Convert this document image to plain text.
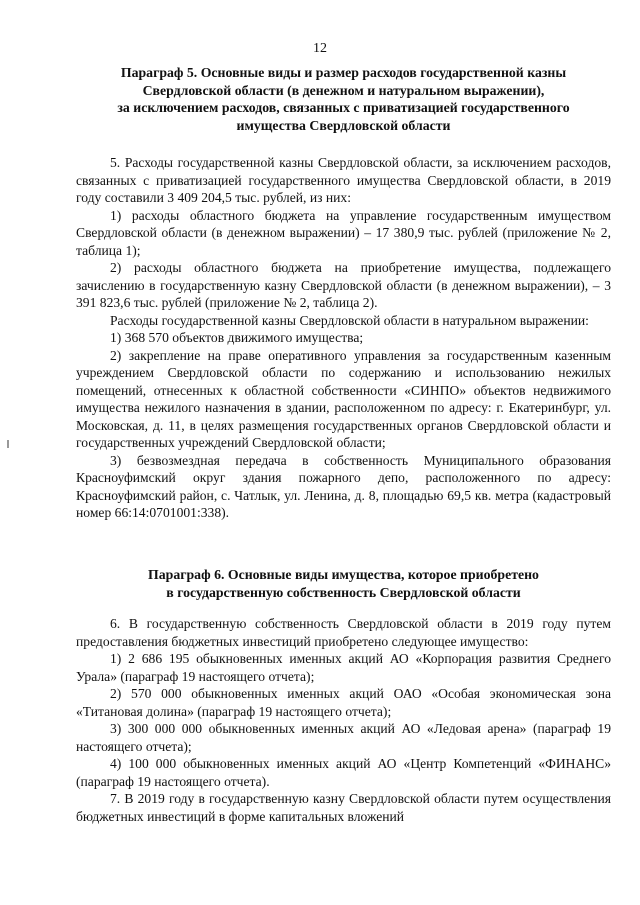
12
Параграф 5. Основные виды и размер расходов государственной казны
Свердловской области (в денежном и натуральном выражении),
за исключением расходов, связанных с приватизацией государственного
имущества Свердловской области

5. Расходы государственной казны Свердловской области, за исключением расходов, связанных с приватизацией государственного имущества Свердловской области, в 2019 году составили 3 409 204,5 тыс. рублей, из них:

1) расходы областного бюджета на управление государственным имуществом Свердловской области (в денежном выражении) – 17 380,9 тыс. рублей (приложение № 2, таблица 1);

2) расходы областного бюджета на приобретение имущества, подлежащего зачислению в государственную казну Свердловской области (в денежном выражении), – 3 391 823,6 тыс. рублей (приложение № 2, таблица 2).

Расходы государственной казны Свердловской области в натуральном выражении:

1) 368 570 объектов движимого имущества;

2) закрепление на праве оперативного управления за государственным казенным учреждением Свердловской области по содержанию и использованию нежилых помещений, отнесенных к областной собственности «СИНПО» объектов недвижимого имущества нежилого назначения в здании, расположенном по адресу: г. Екатеринбург, ул. Московская, д. 11, в целях размещения государственных органов Свердловской области и государственных учреждений Свердловской области;

3) безвозмездная передача в собственность Муниципального образования Красноуфимский округ здания пожарного депо, расположенного по адресу: Красноуфимский район, с. Чатлык, ул. Ленина, д. 8, площадью 69,5 кв. метра (кадастровый номер 66:14:0701001:338).

Параграф 6. Основные виды имущества, которое приобретено
в государственную собственность Свердловской области

6. В государственную собственность Свердловской области в 2019 году путем предоставления бюджетных инвестиций приобретено следующее имущество:

1) 2 686 195 обыкновенных именных акций АО «Корпорация развития Среднего Урала» (параграф 19 настоящего отчета);

2) 570 000 обыкновенных именных акций ОАО «Особая экономическая зона «Титановая долина» (параграф 19 настоящего отчета);

3) 300 000 000 обыкновенных именных акций АО «Ледовая арена» (параграф 19 настоящего отчета);

4) 100 000 обыкновенных именных акций АО «Центр Компетенций «ФИНАНС» (параграф 19 настоящего отчета).

7. В 2019 году в государственную казну Свердловской области путем осуществления бюджетных инвестиций в форме капитальных вложений
